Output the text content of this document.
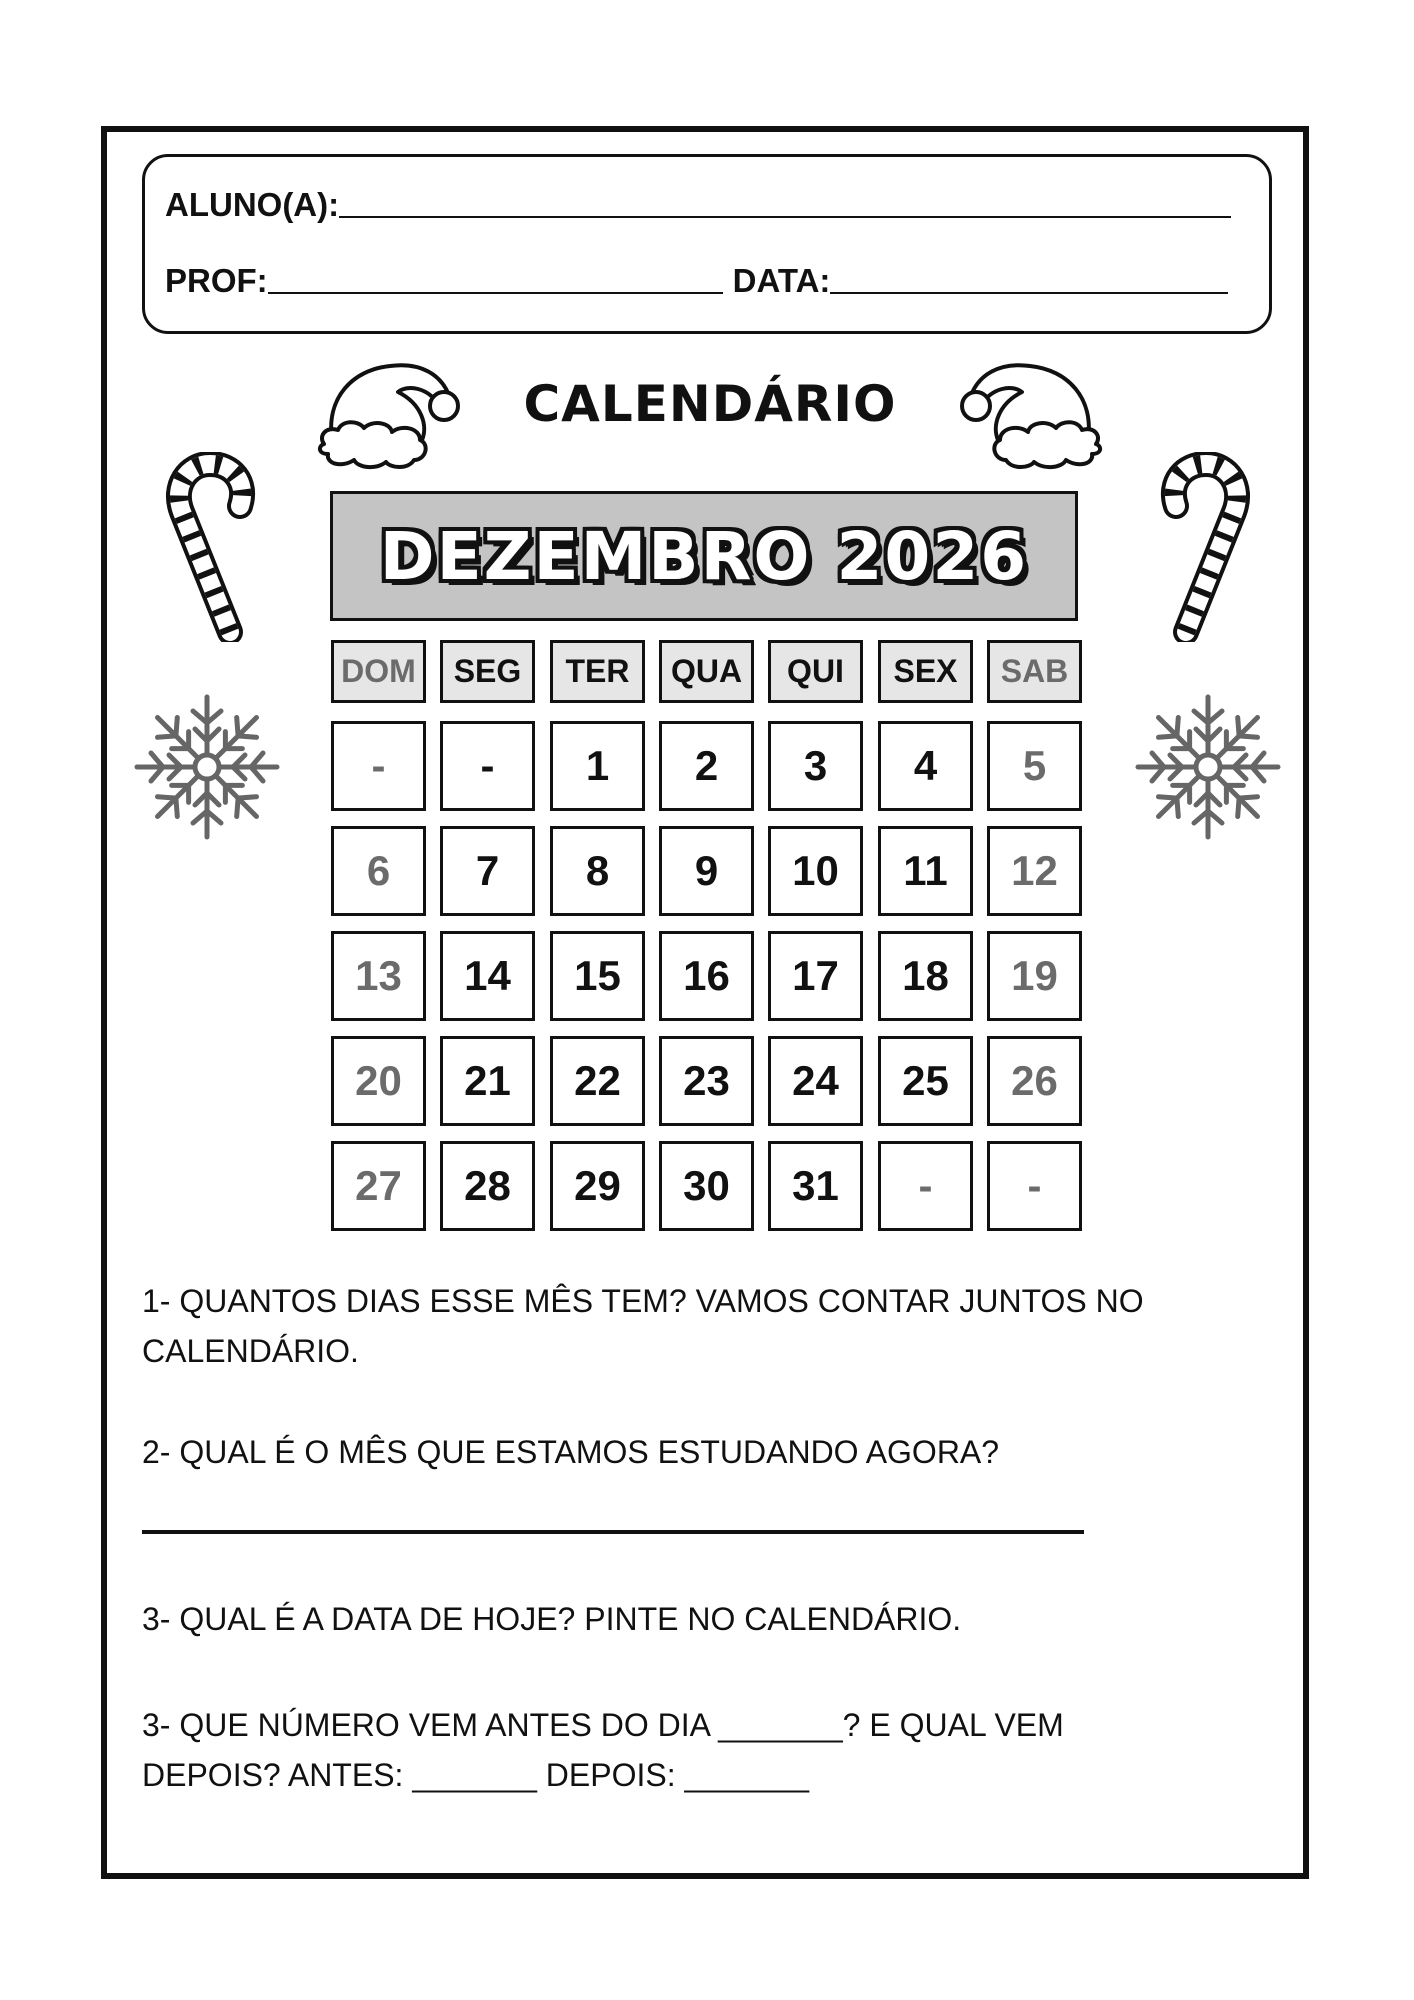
ALUNO(A):
PROF:	DATA:
CALENDÁRIO
DEZEMBRO 2026
DOM	SEG	TER	QUA	QUI	SEX	SAB
-	-	1	2	3	4	5
6	7	8	9	10	11	12
13	14	15	16	17	18	19
20	21	22	23	24	25	26
27	28	29	30	31	-	-
1- QUANTOS DIAS ESSE MÊS TEM? VAMOS CONTAR JUNTOS NO
CALENDÁRIO.
2- QUAL É O MÊS QUE ESTAMOS ESTUDANDO AGORA?
3- QUAL É A DATA DE HOJE? PINTE NO CALENDÁRIO.
3- QUE NÚMERO VEM ANTES DO DIA _______? E QUAL VEM
DEPOIS? ANTES: _______ DEPOIS: _______
